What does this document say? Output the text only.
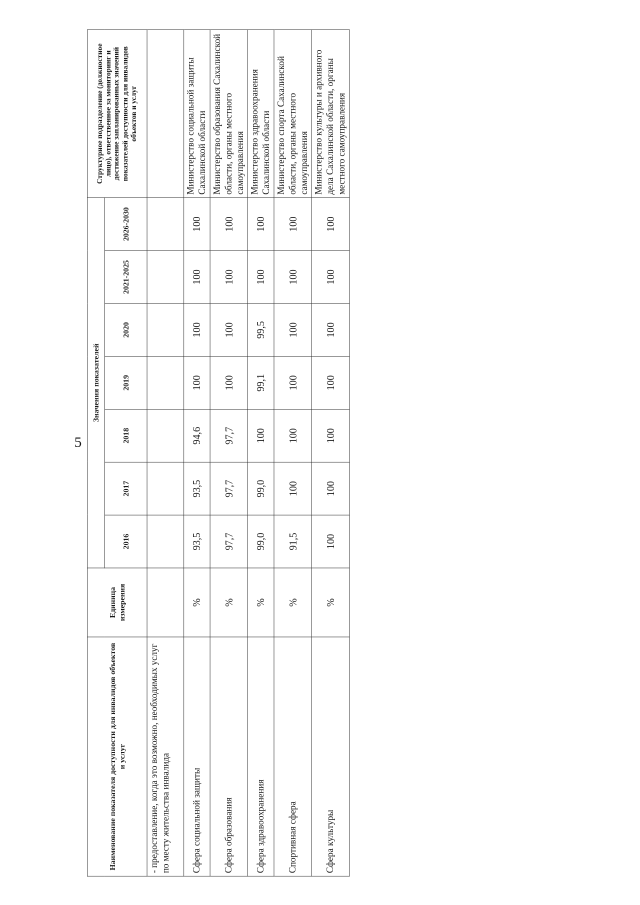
5
Наименование показателя доступности для инвалидов объектов и услуг	Единица измерения	Значения показателей							Структурное подразделение (должностное лицо), ответственное за мониторинг и достижение запланированных значений показателей доступности для инвалидов объектов и услуг
		2016	2017	2018	2019	2020	2021-2025	2026-2030	
- предоставление, когда это возможно, необходимых услуг по месту жительства инвалида									
Сфера социальной защиты	%	93,5	93,5	94,6	100	100	100	100	Министерство социальной защиты Сахалинской области
Сфера образования	%	97,7	97,7	97,7	100	100	100	100	Министерство образования Сахалинской области, органы местного самоуправления
Сфера здравоохранения	%	99,0	99,0	100	99,1	99,5	100	100	Министерство здравоохранения Сахалинской области
Спортивная сфера	%	91,5	100	100	100	100	100	100	Министерство спорта Сахалинской области, органы местного самоуправления
Сфера культуры	%	100	100	100	100	100	100	100	Министерство культуры и архивного дела Сахалинской области, органы местного самоуправления
